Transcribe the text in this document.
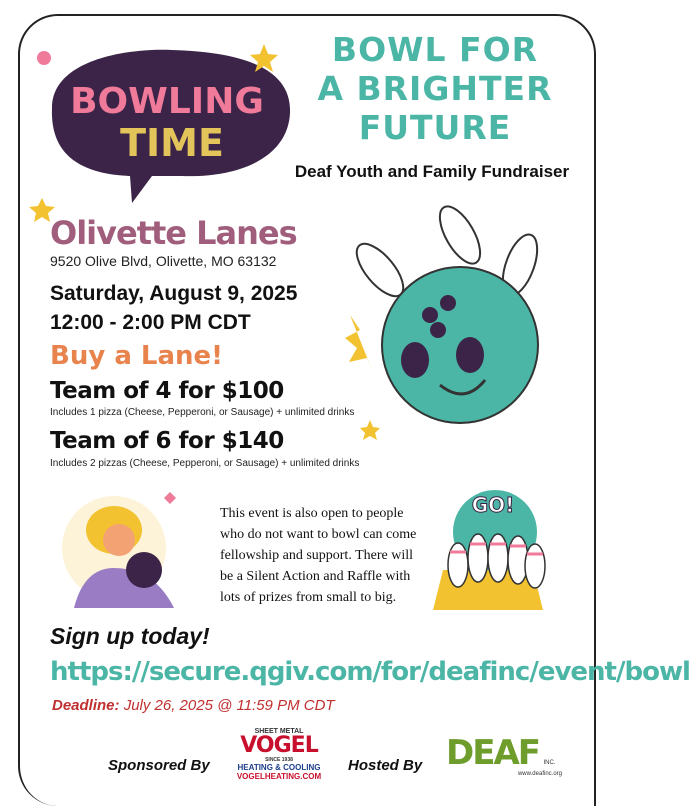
BOWLING
TIME
BOWL FOR
A BRIGHTER
FUTURE
Deaf Youth and Family Fundraiser
Olivette Lanes
9520 Olive Blvd, Olivette, MO 63132
Saturday, August 9, 2025
12:00 - 2:00 PM CDT
Buy a Lane!
Team of 4 for $100
Includes 1 pizza (Cheese, Pepperoni, or Sausage) + unlimited drinks
Team of 6 for $140
Includes 2 pizzas (Cheese, Pepperoni, or Sausage) + unlimited drinks
This event is also open to people who do not want to bowl can come fellowship and support. There will be a Silent Action and Raffle with lots of prizes from small to big.
GO!
Sign up today!
https://secure.qgiv.com/for/deafinc/event/bowl
Deadline: July 26, 2025 @ 11:59 PM CDT
Sponsored By
SHEET METAL
VOGEL
SINCE 1938
HEATING & COOLING
VOGELHEATING.COM
Hosted By DEAF INC.
www.deafinc.org
